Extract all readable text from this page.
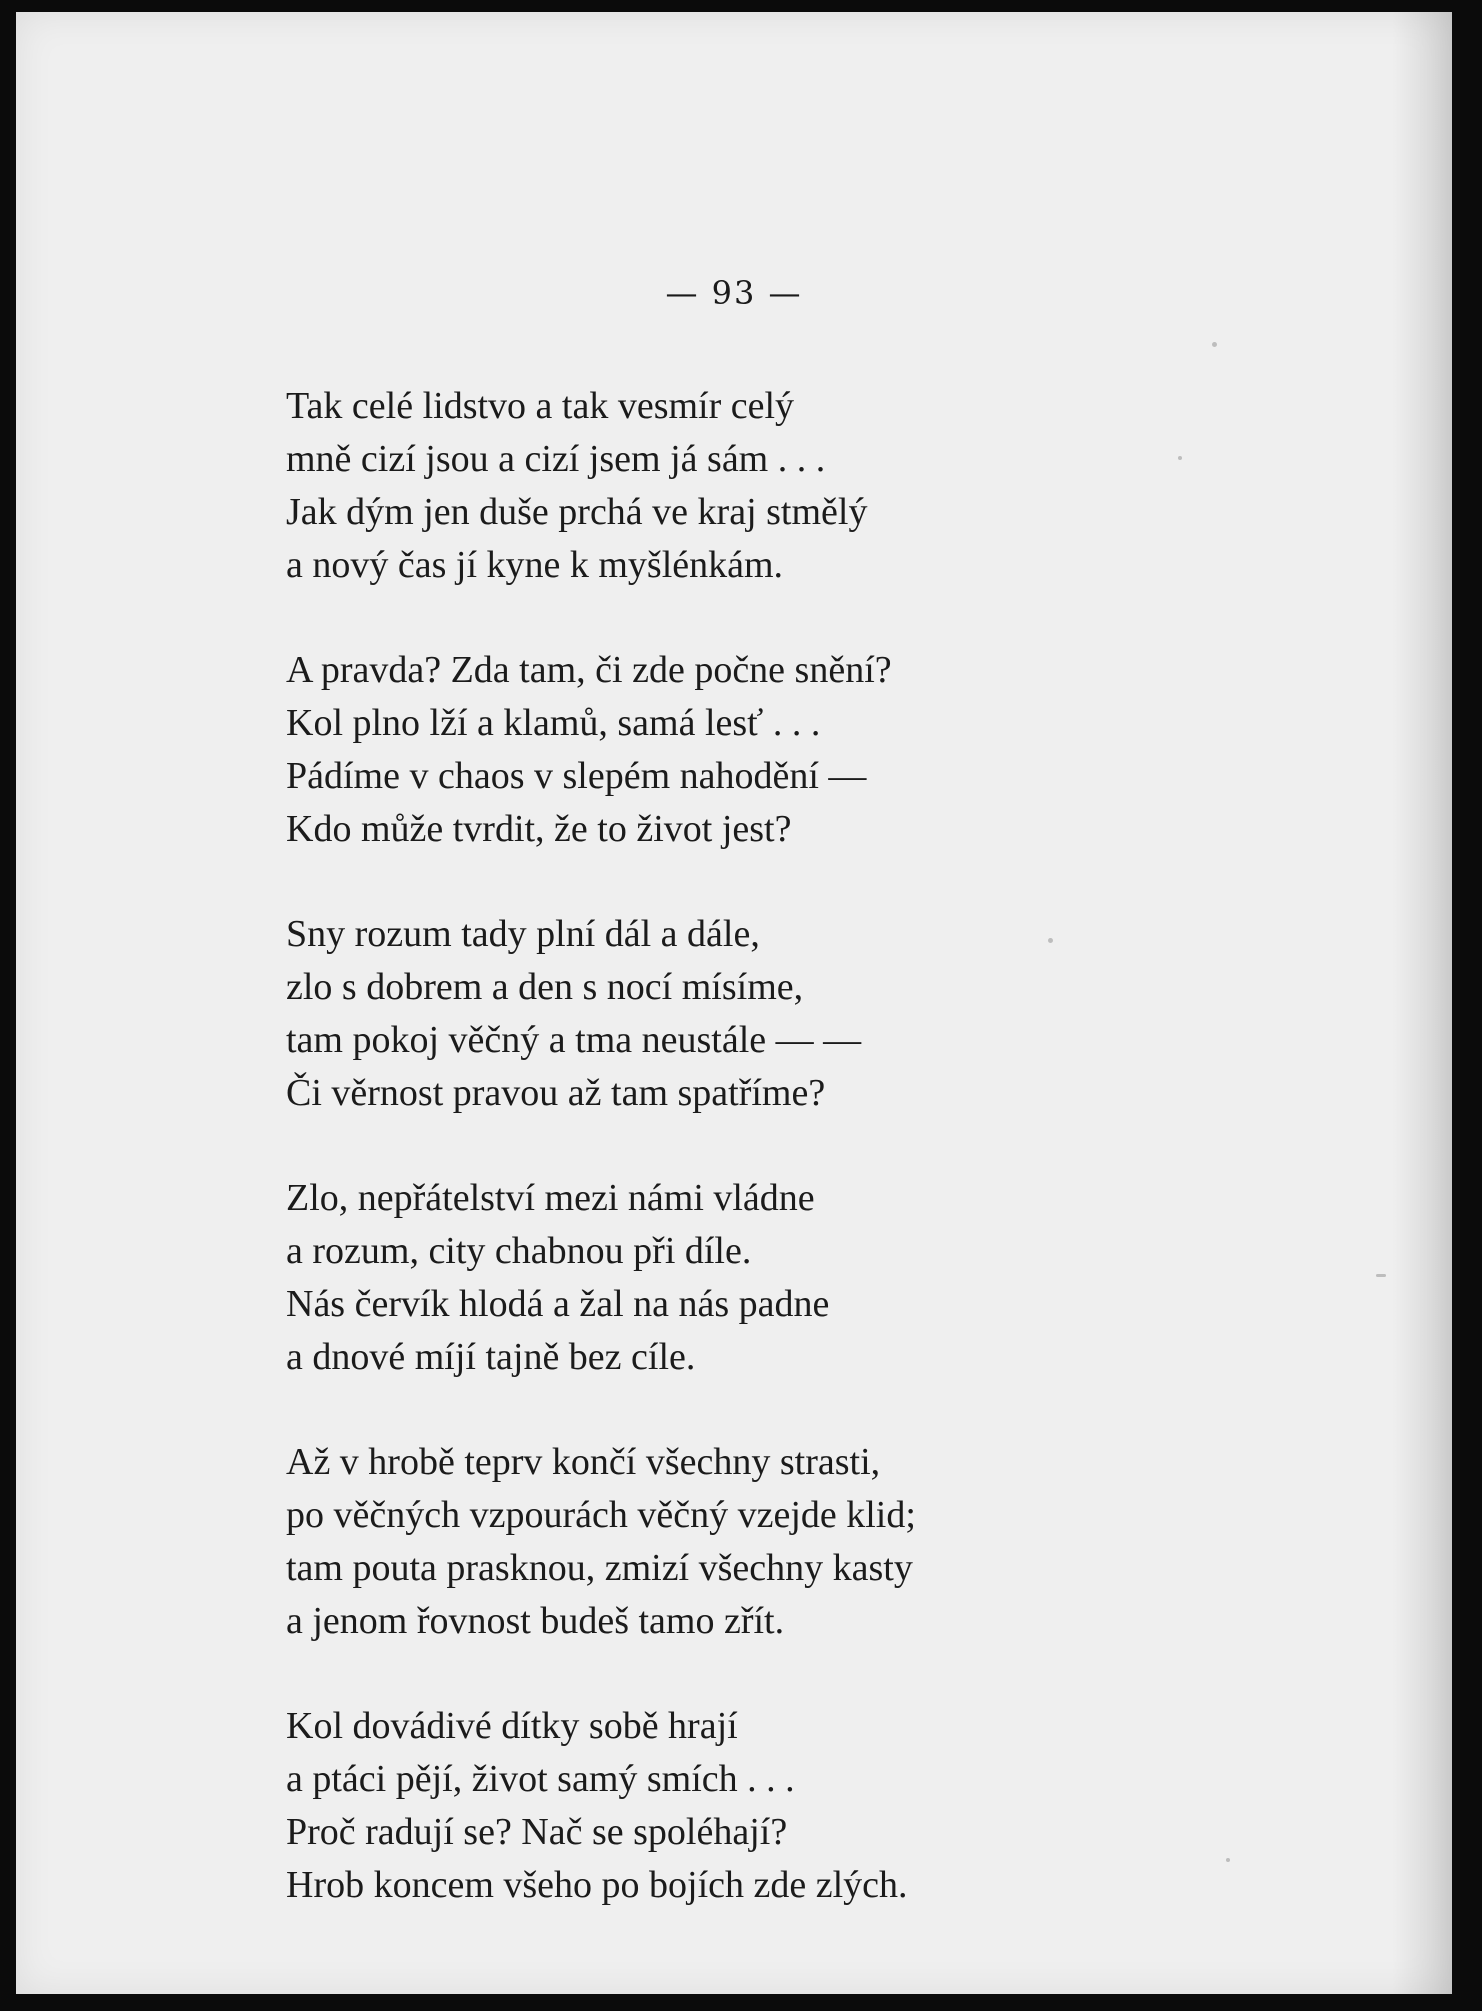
— 93 —
Tak celé lidstvo a tak vesmír celý
mně cizí jsou a cizí jsem já sám . . .
Jak dým jen duše prchá ve kraj stmělý
a nový čas jí kyne k myšlénkám.
A pravda? Zda tam, či zde počne snění?
Kol plno lží a klamů, samá lesť . . .
Pádíme v chaos v slepém nahodění —
Kdo může tvrdit, že to život jest?
Sny rozum tady plní dál a dále,
zlo s dobrem a den s nocí mísíme,
tam pokoj věčný a tma neustále — —
Či věrnost pravou až tam spatříme?
Zlo, nepřátelství mezi námi vládne
a rozum, city chabnou při díle.
Nás červík hlodá a žal na nás padne
a dnové míjí tajně bez cíle.
Až v hrobě teprv končí všechny strasti,
po věčných vzpourách věčný vzejde klid;
tam pouta prasknou, zmizí všechny kasty
a jenom řovnost budeš tamo zřít.
Kol dovádivé dítky sobě hrají
a ptáci pějí, život samý smích . . .
Proč radují se? Nač se spoléhají?
Hrob koncem všeho po bojích zde zlých.
